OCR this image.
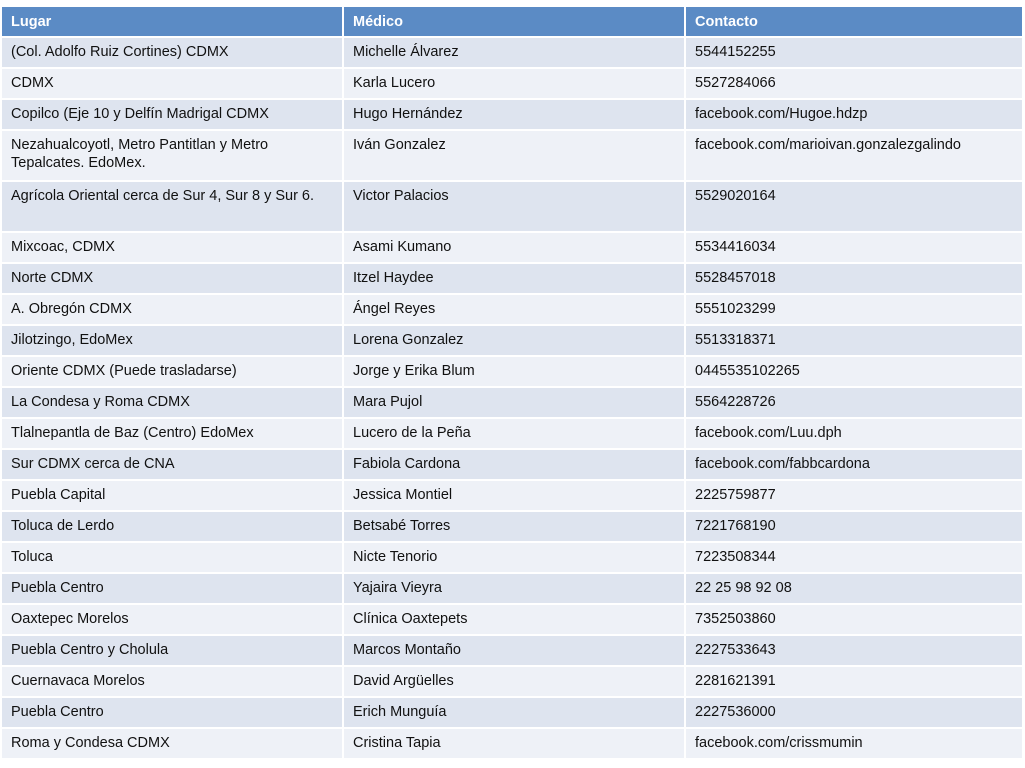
Lugar	Médico	Contacto
(Col. Adolfo Ruiz Cortines) CDMX	Michelle Álvarez	5544152255
CDMX	Karla Lucero	5527284066
Copilco (Eje 10 y Delfín Madrigal CDMX	Hugo Hernández	facebook.com/Hugoe.hdzp
Nezahualcoyotl, Metro Pantitlan y Metro Tepalcates. EdoMex.	Iván Gonzalez	facebook.com/marioivan.gonzalezgalindo
Agrícola Oriental cerca de Sur 4, Sur 8 y Sur 6.	Victor Palacios	5529020164
Mixcoac, CDMX	Asami Kumano	5534416034
Norte CDMX	Itzel Haydee	5528457018
A. Obregón CDMX	Ángel Reyes	5551023299
Jilotzingo, EdoMex	Lorena Gonzalez	5513318371
Oriente CDMX (Puede trasladarse)	Jorge y Erika Blum	0445535102265
La Condesa y Roma CDMX	Mara Pujol	5564228726
Tlalnepantla de Baz (Centro) EdoMex	Lucero de la Peña	facebook.com/Luu.dph
Sur CDMX cerca de CNA	Fabiola Cardona	facebook.com/fabbcardona
Puebla Capital	Jessica Montiel	2225759877
Toluca de Lerdo	Betsabé Torres	7221768190
Toluca	Nicte Tenorio	7223508344
Puebla Centro	Yajaira Vieyra	22 25 98 92 08
Oaxtepec Morelos	Clínica Oaxtepets	7352503860
Puebla Centro y Cholula	Marcos Montaño	2227533643
Cuernavaca Morelos	David Argüelles	2281621391
Puebla Centro	Erich Munguía	2227536000
Roma y Condesa CDMX	Cristina Tapia	facebook.com/crissmumin
